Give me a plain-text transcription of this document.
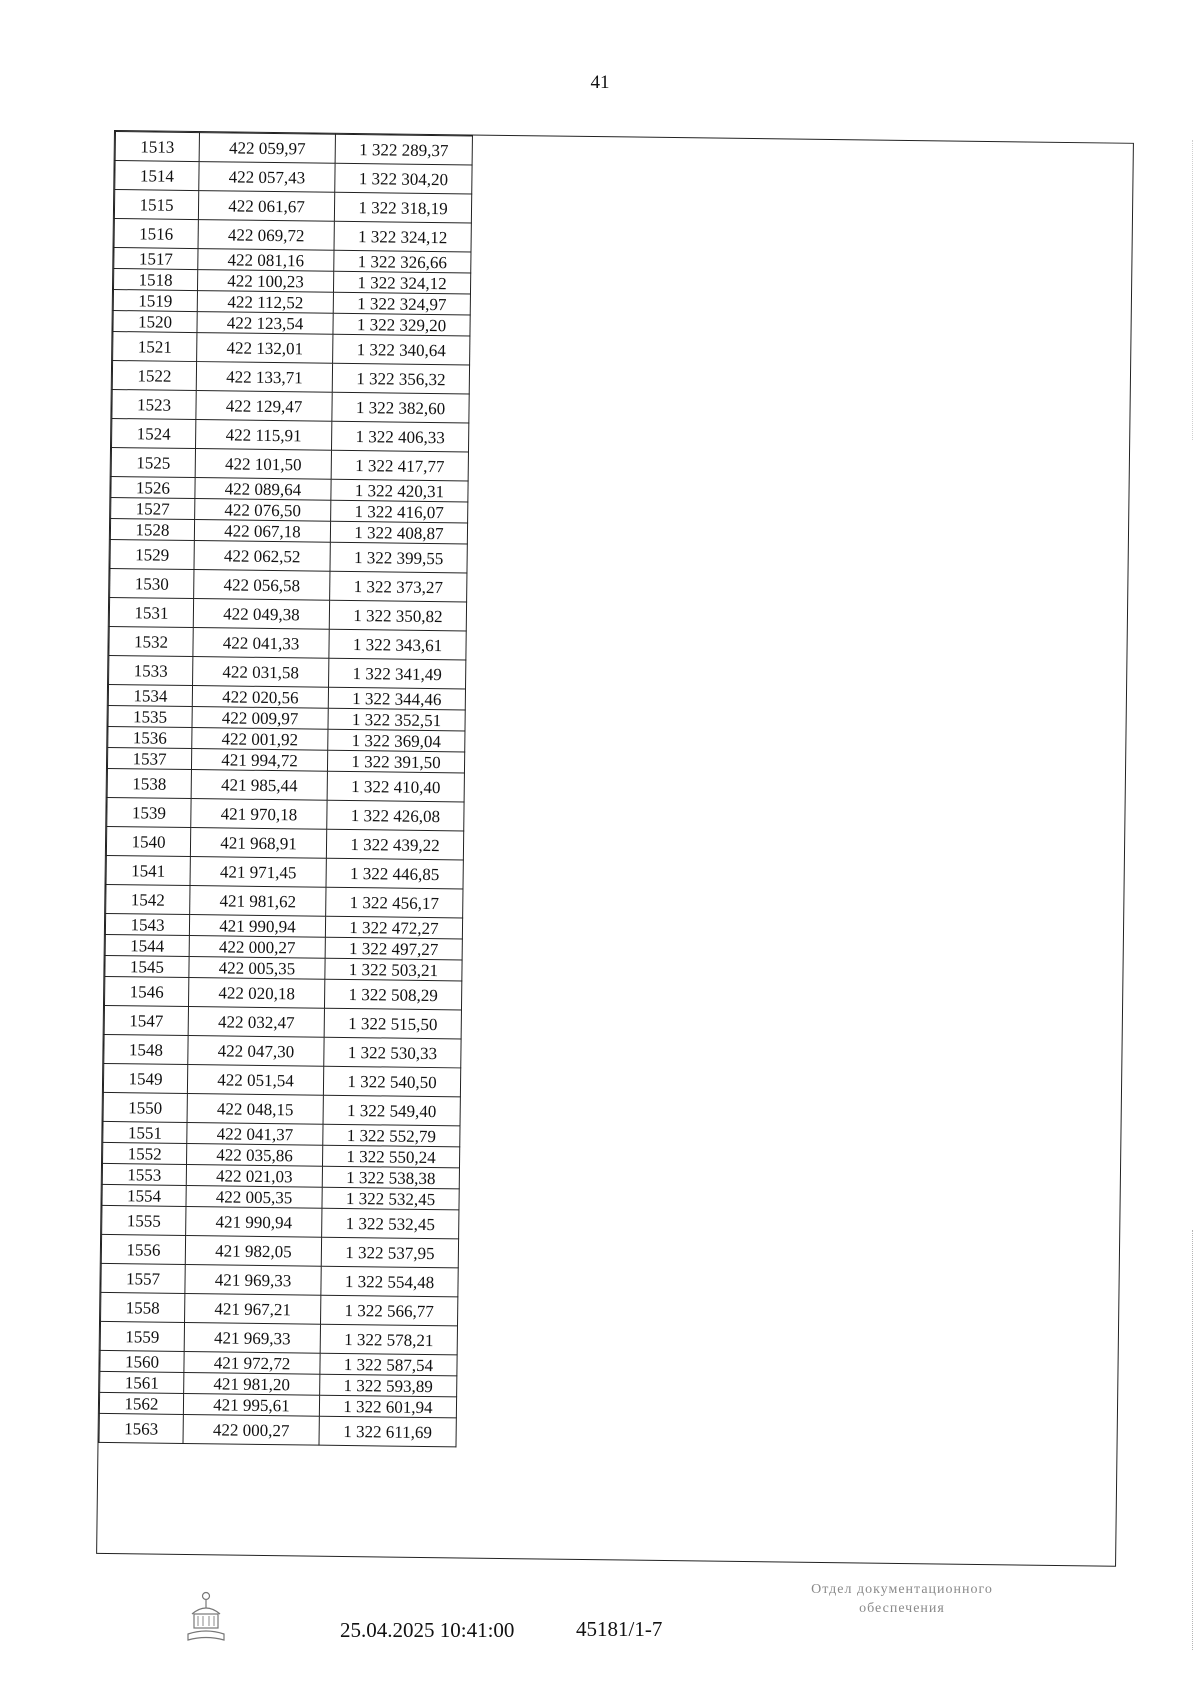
41
1513	422 059,97	1 322 289,37
1514	422 057,43	1 322 304,20
1515	422 061,67	1 322 318,19
1516	422 069,72	1 322 324,12
1517	422 081,16	1 322 326,66
1518	422 100,23	1 322 324,12
1519	422 112,52	1 322 324,97
1520	422 123,54	1 322 329,20
1521	422 132,01	1 322 340,64
1522	422 133,71	1 322 356,32
1523	422 129,47	1 322 382,60
1524	422 115,91	1 322 406,33
1525	422 101,50	1 322 417,77
1526	422 089,64	1 322 420,31
1527	422 076,50	1 322 416,07
1528	422 067,18	1 322 408,87
1529	422 062,52	1 322 399,55
1530	422 056,58	1 322 373,27
1531	422 049,38	1 322 350,82
1532	422 041,33	1 322 343,61
1533	422 031,58	1 322 341,49
1534	422 020,56	1 322 344,46
1535	422 009,97	1 322 352,51
1536	422 001,92	1 322 369,04
1537	421 994,72	1 322 391,50
1538	421 985,44	1 322 410,40
1539	421 970,18	1 322 426,08
1540	421 968,91	1 322 439,22
1541	421 971,45	1 322 446,85
1542	421 981,62	1 322 456,17
1543	421 990,94	1 322 472,27
1544	422 000,27	1 322 497,27
1545	422 005,35	1 322 503,21
1546	422 020,18	1 322 508,29
1547	422 032,47	1 322 515,50
1548	422 047,30	1 322 530,33
1549	422 051,54	1 322 540,50
1550	422 048,15	1 322 549,40
1551	422 041,37	1 322 552,79
1552	422 035,86	1 322 550,24
1553	422 021,03	1 322 538,38
1554	422 005,35	1 322 532,45
1555	421 990,94	1 322 532,45
1556	421 982,05	1 322 537,95
1557	421 969,33	1 322 554,48
1558	421 967,21	1 322 566,77
1559	421 969,33	1 322 578,21
1560	421 972,72	1 322 587,54
1561	421 981,20	1 322 593,89
1562	421 995,61	1 322 601,94
1563	422 000,27	1 322 611,69
25.04.2025 10:41:00	45181/1-7
Отдел документационного
обеспечения
